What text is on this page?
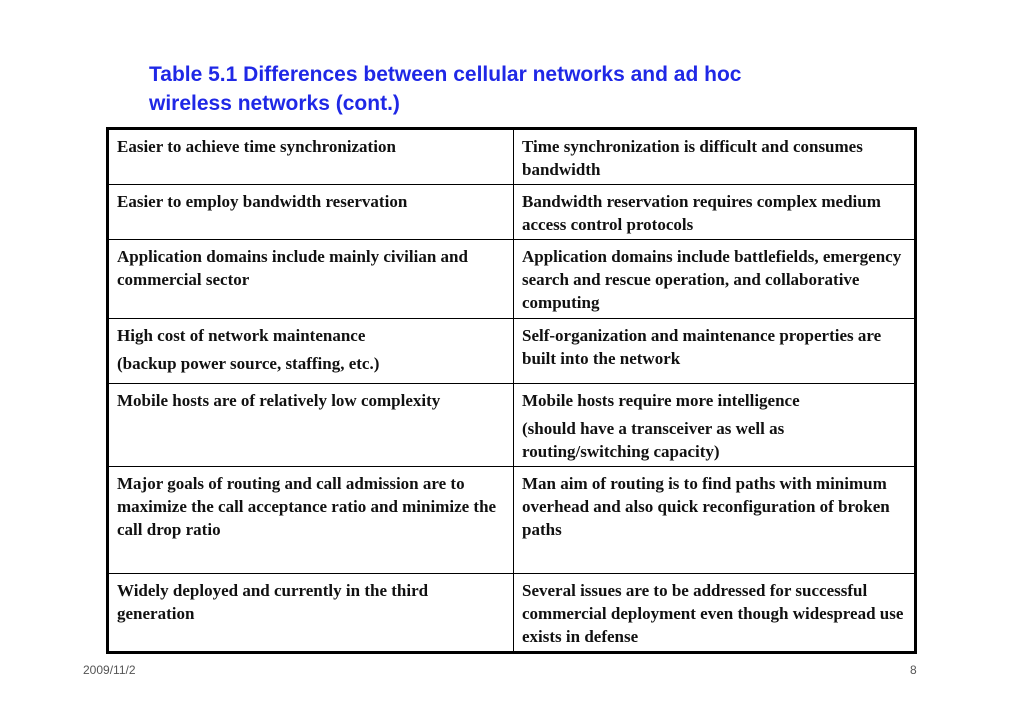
Table 5.1 Differences between cellular networks and ad hoc
wireless networks (cont.)
Easier to achieve time synchronization	Time synchronization is difficult and consumes bandwidth

Easier to employ bandwidth reservation	Bandwidth reservation requires complex medium access control protocols

Application domains include mainly civilian and commercial sector	Application domains include battlefields, emergency search and rescue operation, and collaborative computing

High cost of network maintenance
(backup power source, staffing, etc.)	Self-organization and maintenance properties are built into the network

Mobile hosts are of relatively low complexity	Mobile hosts require more intelligence
(should have a transceiver as well as routing/switching capacity)

Major goals of routing and call admission are to maximize the call acceptance ratio and minimize the call drop ratio	Man aim of routing is to find paths with minimum overhead and also quick reconfiguration of broken paths

Widely deployed and currently in the third generation	Several issues are to be addressed for successful commercial deployment even though widespread use exists in defense
2009/11/2	8
